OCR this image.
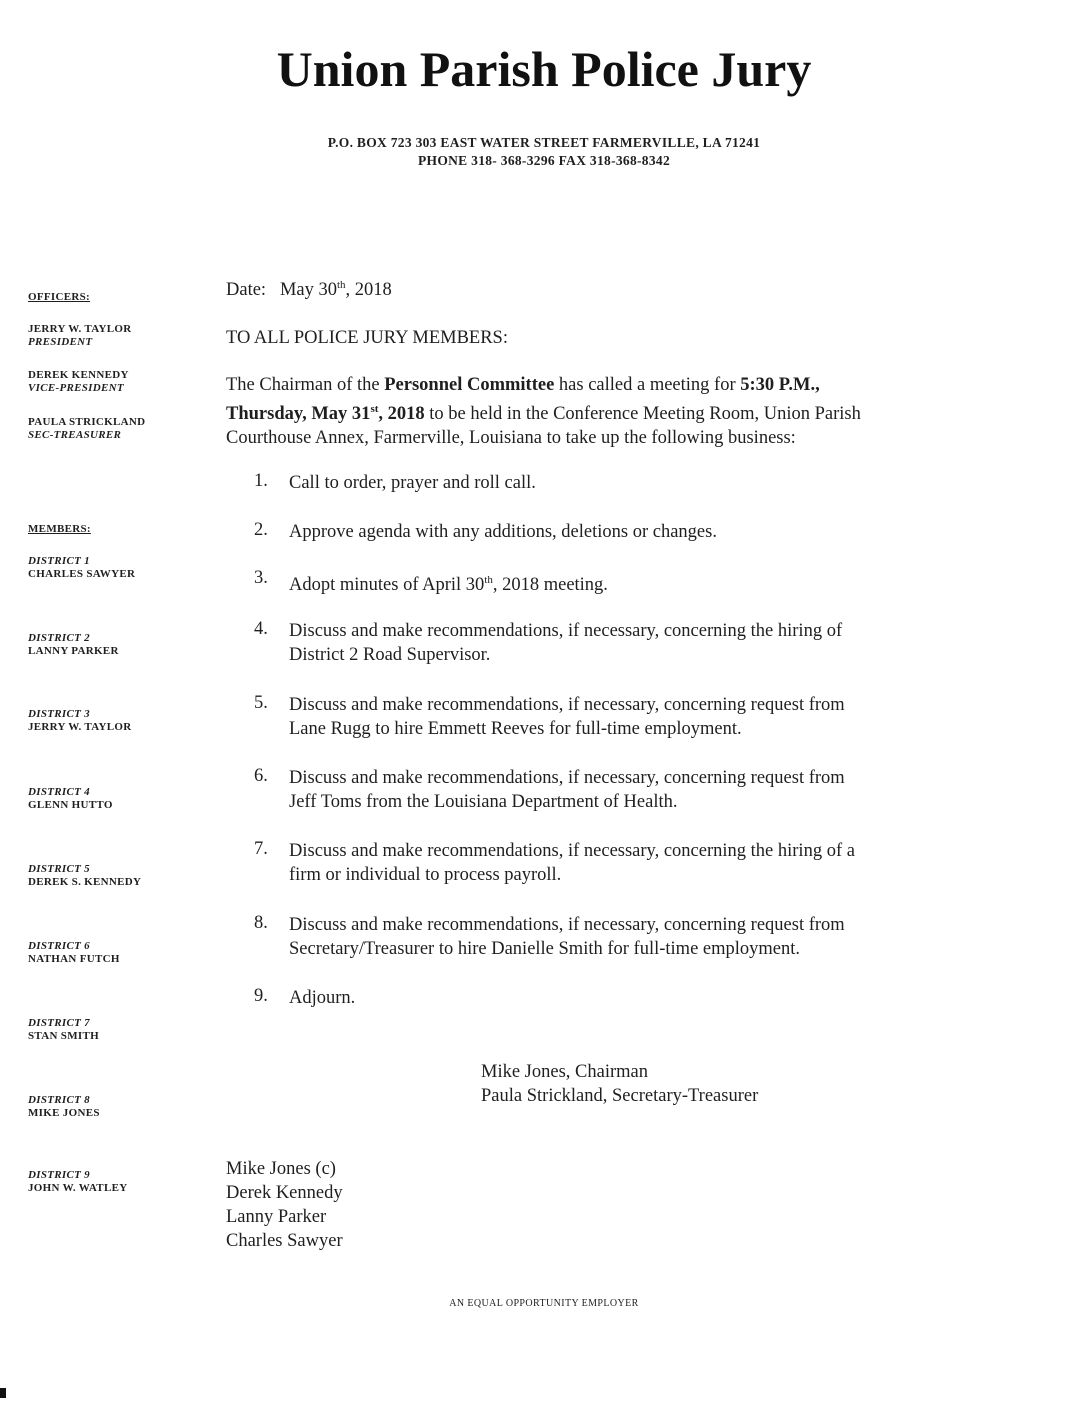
Union Parish Police Jury
P.O. BOX 723 303 EAST WATER STREET FARMERVILLE, LA 71241
PHONE 318- 368-3296 FAX 318-368-8342
OFFICERS:
JERRY W. TAYLOR
PRESIDENT
DEREK KENNEDY
VICE-PRESIDENT
PAULA STRICKLAND
SEC-TREASURER
MEMBERS:
DISTRICT 1
CHARLES SAWYER
DISTRICT 2
LANNY PARKER
DISTRICT 3
JERRY W. TAYLOR
DISTRICT 4
GLENN HUTTO
DISTRICT 5
DEREK S. KENNEDY
DISTRICT 6
NATHAN FUTCH
DISTRICT 7
STAN SMITH
DISTRICT 8
MIKE JONES
DISTRICT 9
JOHN W. WATLEY
Date: May 30th, 2018
TO ALL POLICE JURY MEMBERS:
The Chairman of the Personnel Committee has called a meeting for 5:30 P.M.,
Thursday, May 31st, 2018 to be held in the Conference Meeting Room, Union Parish
Courthouse Annex, Farmerville, Louisiana to take up the following business:
1. Call to order, prayer and roll call.
2. Approve agenda with any additions, deletions or changes.
3. Adopt minutes of April 30th, 2018 meeting.
4. Discuss and make recommendations, if necessary, concerning the hiring of
District 2 Road Supervisor.
5. Discuss and make recommendations, if necessary, concerning request from
Lane Rugg to hire Emmett Reeves for full-time employment.
6. Discuss and make recommendations, if necessary, concerning request from
Jeff Toms from the Louisiana Department of Health.
7. Discuss and make recommendations, if necessary, concerning the hiring of a
firm or individual to process payroll.
8. Discuss and make recommendations, if necessary, concerning request from
Secretary/Treasurer to hire Danielle Smith for full-time employment.
9. Adjourn.
Mike Jones, Chairman
Paula Strickland, Secretary-Treasurer
Mike Jones (c)
Derek Kennedy
Lanny Parker
Charles Sawyer
AN EQUAL OPPORTUNITY EMPLOYER
